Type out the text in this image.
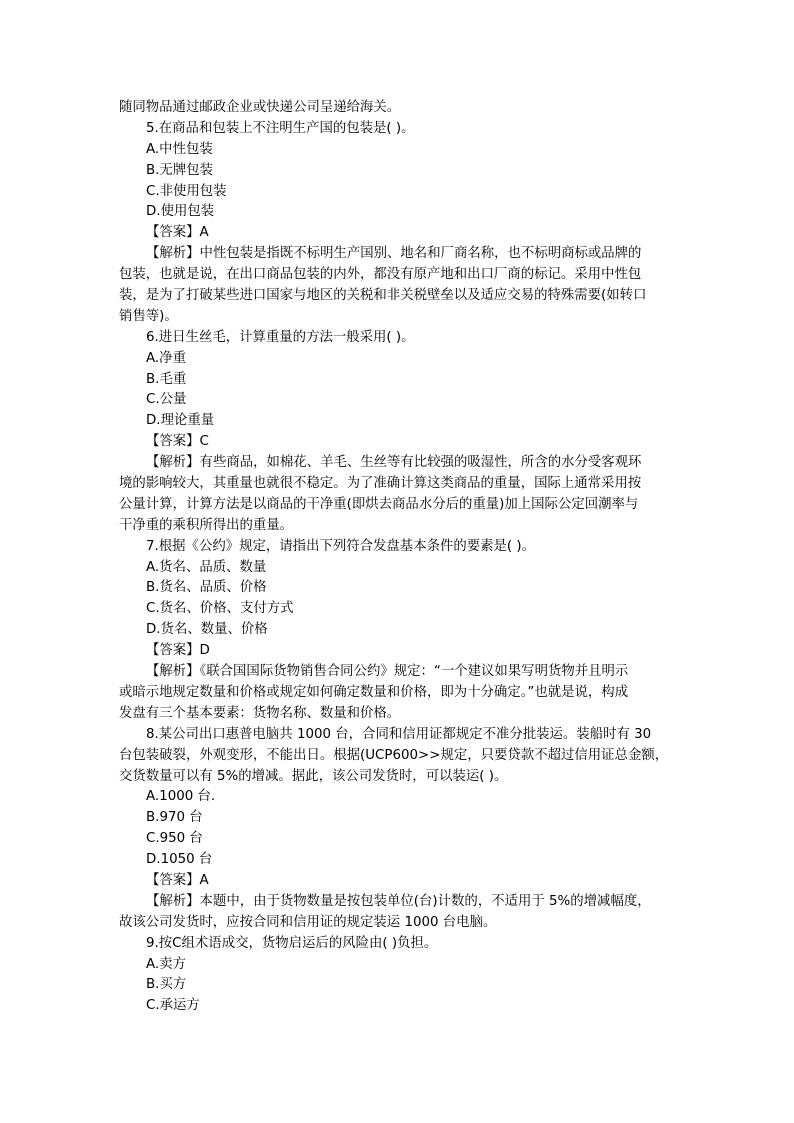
随同物品通过邮政企业或快递公司呈递给海关。
5.在商品和包装上不注明生产国的包装是( )。
A.中性包装
B.无牌包装
C.非使用包装
D.使用包装
【答案】A
【解析】中性包装是指既不标明生产国别、地名和厂商名称，也不标明商标或品牌的
包装，也就是说，在出口商品包装的内外，都没有原产地和出口厂商的标记。采用中性包
装，是为了打破某些进口国家与地区的关税和非关税壁垒以及适应交易的特殊需要(如转口
销售等)。
6.进日生丝毛，计算重量的方法一般采用( )。
A.净重
B.毛重
C.公量
D.理论重量
【答案】C
【解析】有些商品，如棉花、羊毛、生丝等有比较强的吸湿性，所含的水分受客观环
境的影响较大，其重量也就很不稳定。为了准确计算这类商品的重量，国际上通常采用按
公量计算，计算方法是以商品的干净重(即烘去商品水分后的重量)加上国际公定回潮率与
干净重的乘积所得出的重量。
7.根据《公约》规定，请指出下列符合发盘基本条件的要素是( )。
A.货名、品质、数量
B.货名、品质、价格
C.货名、价格、支付方式
D.货名、数量、价格
【答案】D
【解析】《联合国国际货物销售合同公约》规定：“一个建议如果写明货物并且明示
或暗示地规定数量和价格或规定如何确定数量和价格，即为十分确定。”也就是说，构成
发盘有三个基本要素：货物名称、数量和价格。
8.某公司出口惠普电脑共 1000 台，合同和信用证都规定不准分批装运。装船时有 30
台包装破裂，外观变形，不能出日。根据(UCP600>>规定，只要贷款不超过信用证总金额，
交货数量可以有 5%的增减。据此，该公司发货时，可以装运( )。
A.1000 台.
B.970 台
C.950 台
D.1050 台
【答案】A
【解析】本题中，由于货物数量是按包装单位(台)计数的，不适用于 5%的增减幅度，
故该公司发货时，应按合同和信用证的规定装运 1000 台电脑。
9.按C组术语成交，货物启运后的风险由( )负担。
A.卖方
B.买方
C.承运方
